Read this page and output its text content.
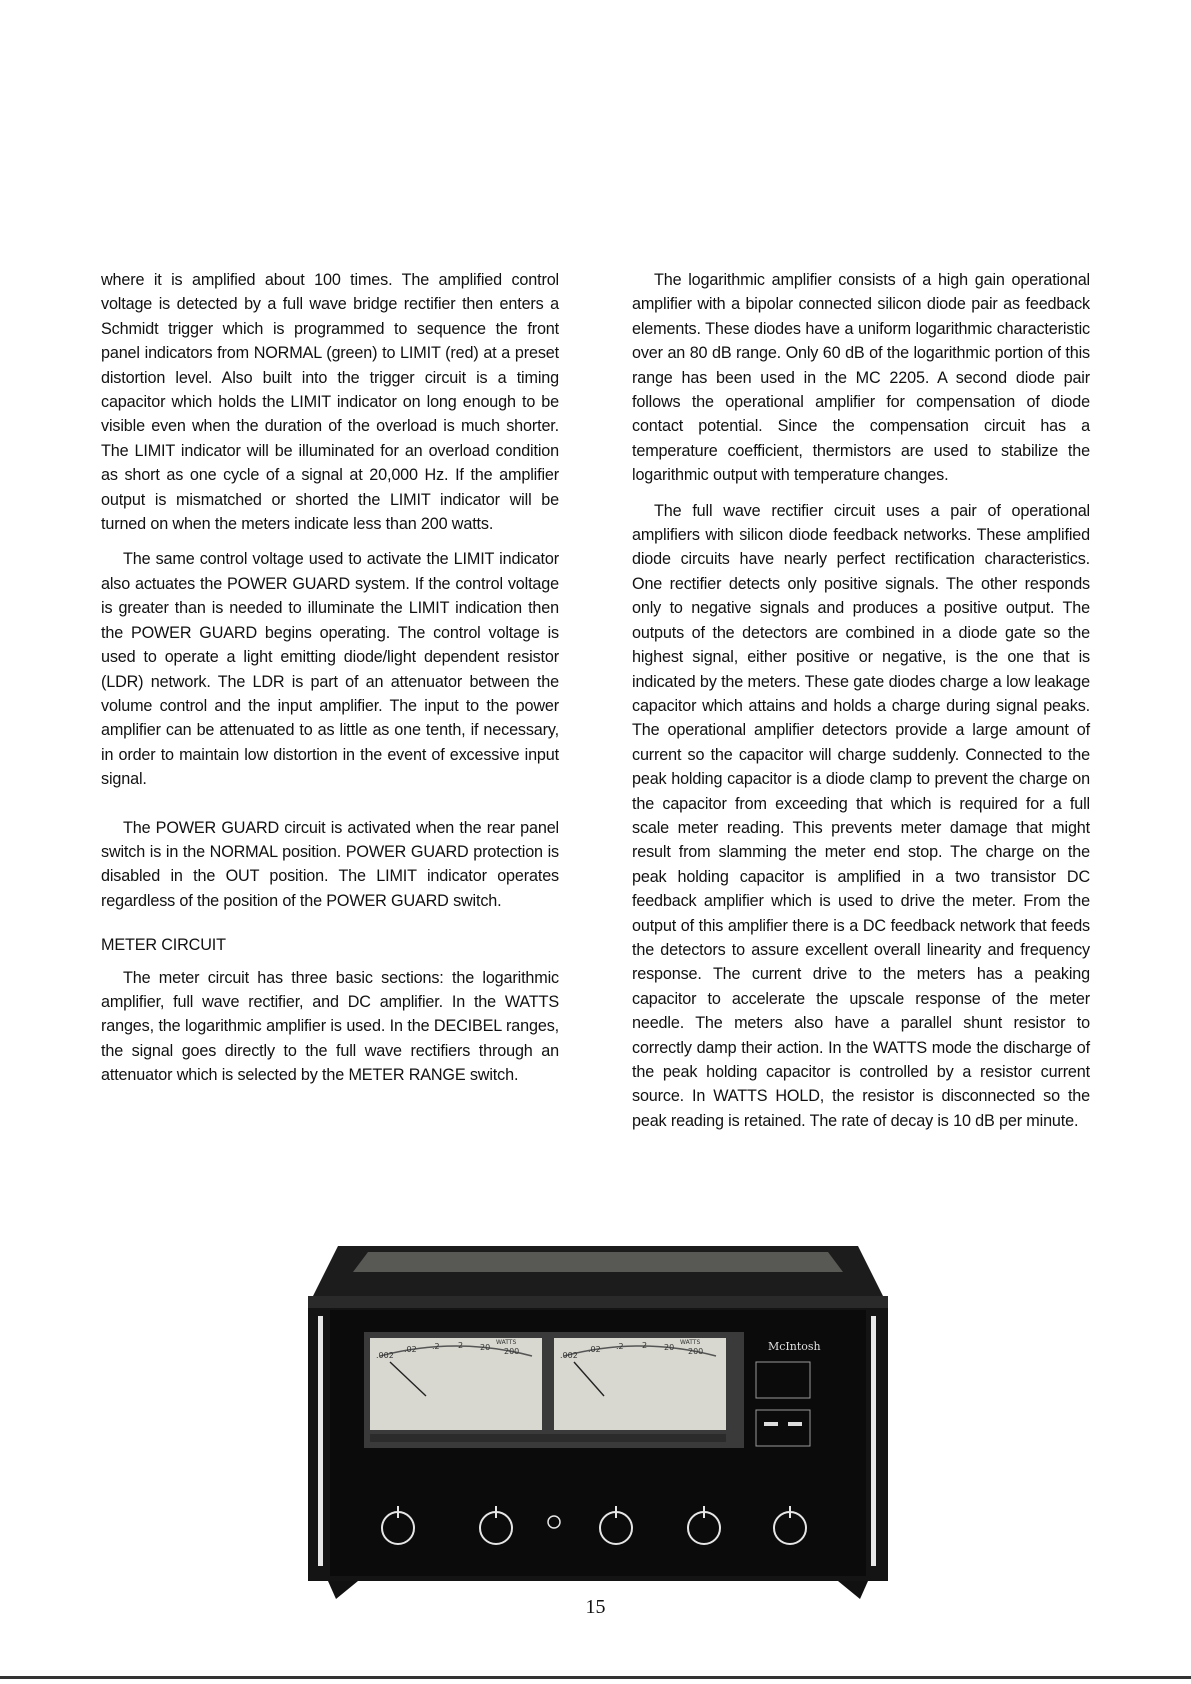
where it is amplified about 100 times. The amplified control voltage is detected by a full wave bridge rectifier then enters a Schmidt trigger which is programmed to sequence the front panel indicators from NORMAL (green) to LIMIT (red) at a preset distortion level. Also built into the trigger circuit is a timing capacitor which holds the LIMIT indicator on long enough to be visible even when the duration of the overload is much shorter. The LIMIT indicator will be illuminated for an overload condition as short as one cycle of a signal at 20,000 Hz. If the amplifier output is mismatched or shorted the LIMIT indicator will be turned on when the meters indicate less than 200 watts.

The same control voltage used to activate the LIMIT indicator also actuates the POWER GUARD system. If the control voltage is greater than is needed to illuminate the LIMIT indication then the POWER GUARD begins operating. The control voltage is used to operate a light emitting diode/light dependent resistor (LDR) network. The LDR is part of an attenuator between the volume control and the input amplifier. The input to the power amplifier can be attenuated to as little as one tenth, if necessary, in order to maintain low distortion in the event of excessive input signal.

The POWER GUARD circuit is activated when the rear panel switch is in the NORMAL position. POWER GUARD protection is disabled in the OUT position. The LIMIT indicator operates regardless of the position of the POWER GUARD switch.

METER CIRCUIT

The meter circuit has three basic sections: the logarithmic amplifier, full wave rectifier, and DC amplifier. In the WATTS ranges, the logarithmic amplifier is used. In the DECIBEL ranges, the signal goes directly to the full wave rectifiers through an attenuator which is selected by the METER RANGE switch.

The logarithmic amplifier consists of a high gain operational amplifier with a bipolar connected silicon diode pair as feedback elements. These diodes have a uniform logarithmic characteristic over an 80 dB range. Only 60 dB of the logarithmic portion of this range has been used in the MC 2205. A second diode pair follows the operational amplifier for compensation of diode contact potential. Since the compensation circuit has a temperature coefficient, thermistors are used to stabilize the logarithmic output with temperature changes.

The full wave rectifier circuit uses a pair of operational amplifiers with silicon diode feedback networks. These amplified diode circuits have nearly perfect rectification characteristics. One rectifier detects only positive signals. The other responds only to negative signals and produces a positive output. The outputs of the detectors are combined in a diode gate so the highest signal, either positive or negative, is the one that is indicated by the meters. These gate diodes charge a low leakage capacitor which attains and holds a charge during signal peaks. The operational amplifier detectors provide a large amount of current so the capacitor will charge suddenly. Connected to the peak holding capacitor is a diode clamp to prevent the charge on the capacitor from exceeding that which is required for a full scale meter reading. This prevents meter damage that might result from slamming the meter end stop. The charge on the peak holding capacitor is amplified in a two transistor DC feedback amplifier which is used to drive the meter. From the output of this amplifier there is a DC feedback network that feeds the detectors to assure excellent overall linearity and frequency response. The current drive to the meters has a peaking capacitor to accelerate the upscale response of the meter needle. The meters also have a parallel shunt resistor to correctly damp their action. In the WATTS mode the discharge of the peak holding capacitor is controlled by a resistor current source. In WATTS HOLD, the resistor is disconnected so the peak reading is retained. The rate of decay is 10 dB per minute.

.002
.02 .2 2 20 200
WATTS
.002
.02 .2 2 20 200
WATTS	McIntosh
15
